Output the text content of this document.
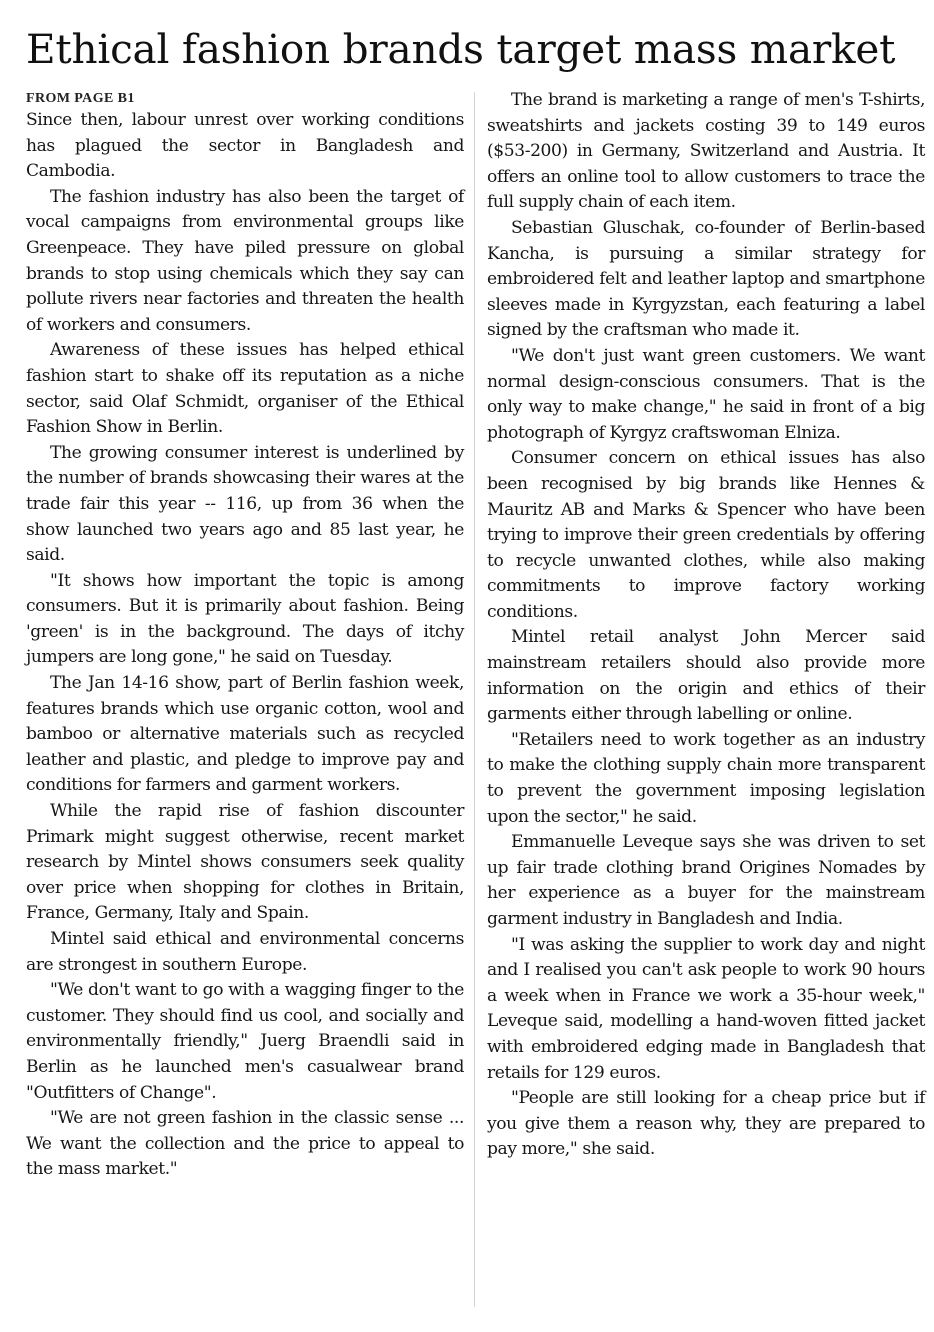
Ethical fashion brands target mass market
FROM PAGE B1

Since then, labour unrest over working conditions has plagued the sector in Bangladesh and Cambodia.

The fashion industry has also been the target of vocal campaigns from environmental groups like Greenpeace. They have piled pressure on global brands to stop using chemicals which they say can pollute rivers near factories and threaten the health of workers and consumers.

Awareness of these issues has helped ethical fashion start to shake off its reputation as a niche sector, said Olaf Schmidt, organiser of the Ethical Fashion Show in Berlin.

The growing consumer interest is underlined by the number of brands showcasing their wares at the trade fair this year -- 116, up from 36 when the show launched two years ago and 85 last year, he said.

"It shows how important the topic is among consumers. But it is primarily about fashion. Being 'green' is in the background. The days of itchy jumpers are long gone," he said on Tuesday.

The Jan 14-16 show, part of Berlin fashion week, features brands which use organic cotton, wool and bamboo or alternative materials such as recycled leather and plastic, and pledge to improve pay and conditions for farmers and garment workers.

While the rapid rise of fashion discounter Primark might suggest otherwise, recent market research by Mintel shows consumers seek quality over price when shopping for clothes in Britain, France, Germany, Italy and Spain.

Mintel said ethical and environmental concerns are strongest in southern Europe.

"We don't want to go with a wagging finger to the customer. They should find us cool, and socially and environmentally friendly," Juerg Braendli said in Berlin as he launched men's casualwear brand "Outfitters of Change".

"We are not green fashion in the classic sense ... We want the collection and the price to appeal to the mass market."

The brand is marketing a range of men's T-shirts, sweatshirts and jackets costing 39 to 149 euros ($53-200) in Germany, Switzerland and Austria. It offers an online tool to allow customers to trace the full supply chain of each item.

Sebastian Gluschak, co-founder of Berlin-based Kancha, is pursuing a similar strategy for embroidered felt and leather laptop and smartphone sleeves made in Kyrgyzstan, each featuring a label signed by the craftsman who made it.

"We don't just want green customers. We want normal design-conscious consumers. That is the only way to make change," he said in front of a big photograph of Kyrgyz craftswoman Elniza.

Consumer concern on ethical issues has also been recognised by big brands like Hennes & Mauritz AB and Marks & Spencer who have been trying to improve their green credentials by offering to recycle unwanted clothes, while also making commitments to improve factory working conditions.

Mintel retail analyst John Mercer said mainstream retailers should also provide more information on the origin and ethics of their garments either through labelling or online.

"Retailers need to work together as an industry to make the clothing supply chain more transparent to prevent the government imposing legislation upon the sector," he said.

Emmanuelle Leveque says she was driven to set up fair trade clothing brand Origines Nomades by her experience as a buyer for the mainstream garment industry in Bangladesh and India.

"I was asking the supplier to work day and night and I realised you can't ask people to work 90 hours a week when in France we work a 35-hour week," Leveque said, modelling a hand-woven fitted jacket with embroidered edging made in Bangladesh that retails for 129 euros.

"People are still looking for a cheap price but if you give them a reason why, they are prepared to pay more," she said.
